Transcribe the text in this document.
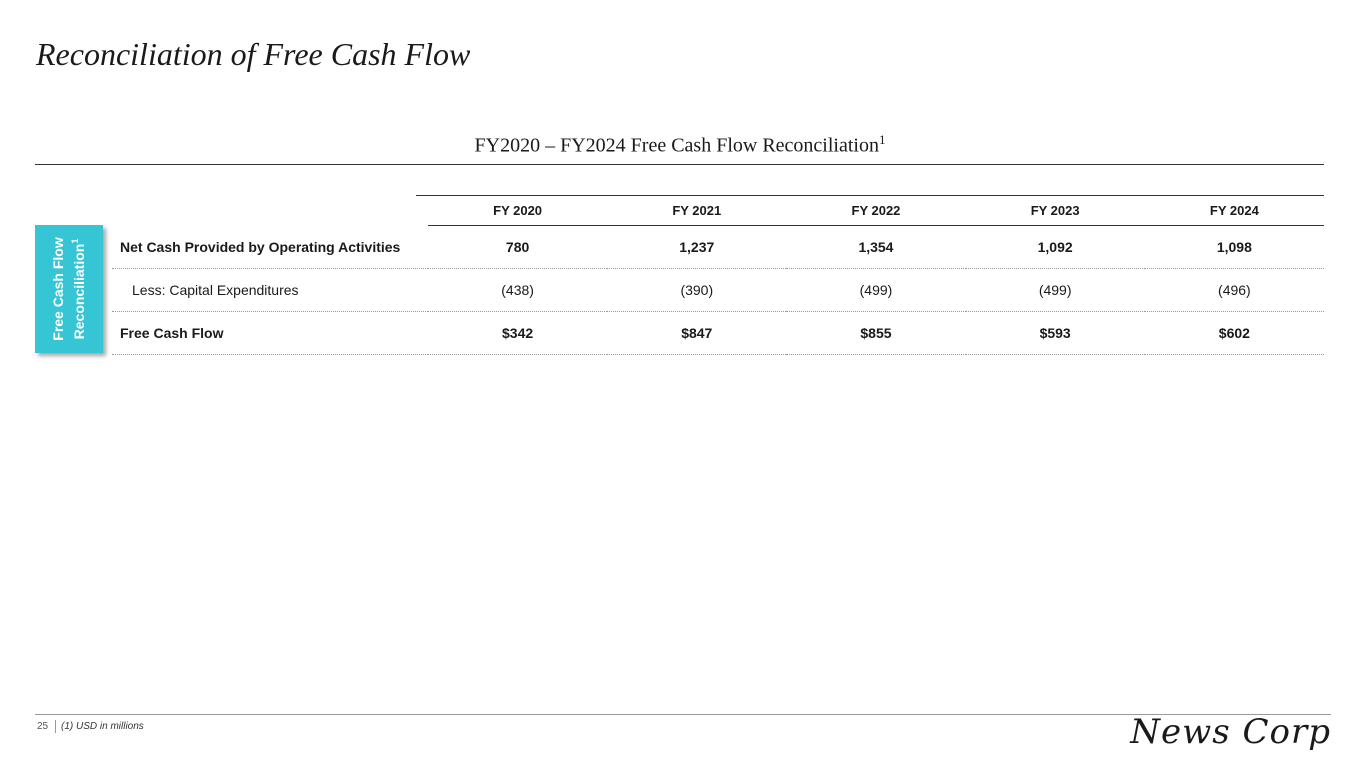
Reconciliation of Free Cash Flow
FY2020 – FY2024 Free Cash Flow Reconciliation$^1$
Free Cash Flow Reconciliation$^1$
	FY 2020	FY 2021	FY 2022	FY 2023	FY 2024
Net Cash Provided by Operating Activities	780	1,237	1,354	1,092	1,098
Less: Capital Expenditures	(438)	(390)	(499)	(499)	(496)
Free Cash Flow	$342	$847	$855	$593	$602
25 (1) USD in millions	News Corp
